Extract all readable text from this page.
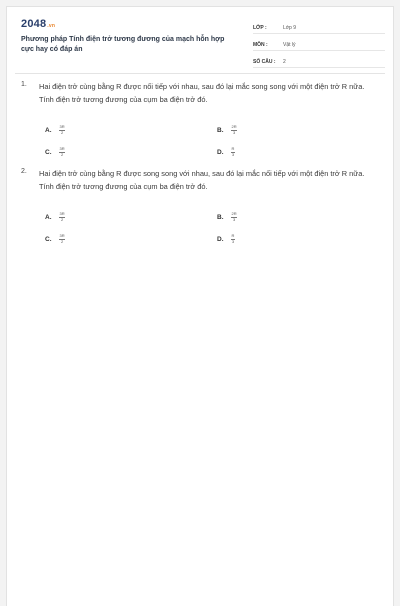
2048.vn
Phương pháp Tính điện trở tương đương của mạch hỗn hợp cực hay có đáp án
LỚP :	Lớp 9
MÔN :	Vật lý
SỐ CÂU :	2
1. Hai điện trở cùng bằng R được nối tiếp với nhau, sau đó lại mắc song song với một điện trở R nữa. Tính điện trở tương đương của cụm ba điện trở đó.
A.	$\frac{3R}{2}$	B.	$\frac{2R}{3}$
C.	$\frac{3R}{2}$	D.	$\frac{R}{3}$
2. Hai điện trở cùng bằng R được song song với nhau, sau đó lại mắc nối tiếp với một điện trở R nữa. Tính điện trở tương đương của cụm ba điện trở đó.
A.	$\frac{3R}{2}$	B.	$\frac{2R}{3}$
C.	$\frac{3R}{2}$	D.	$\frac{R}{3}$
